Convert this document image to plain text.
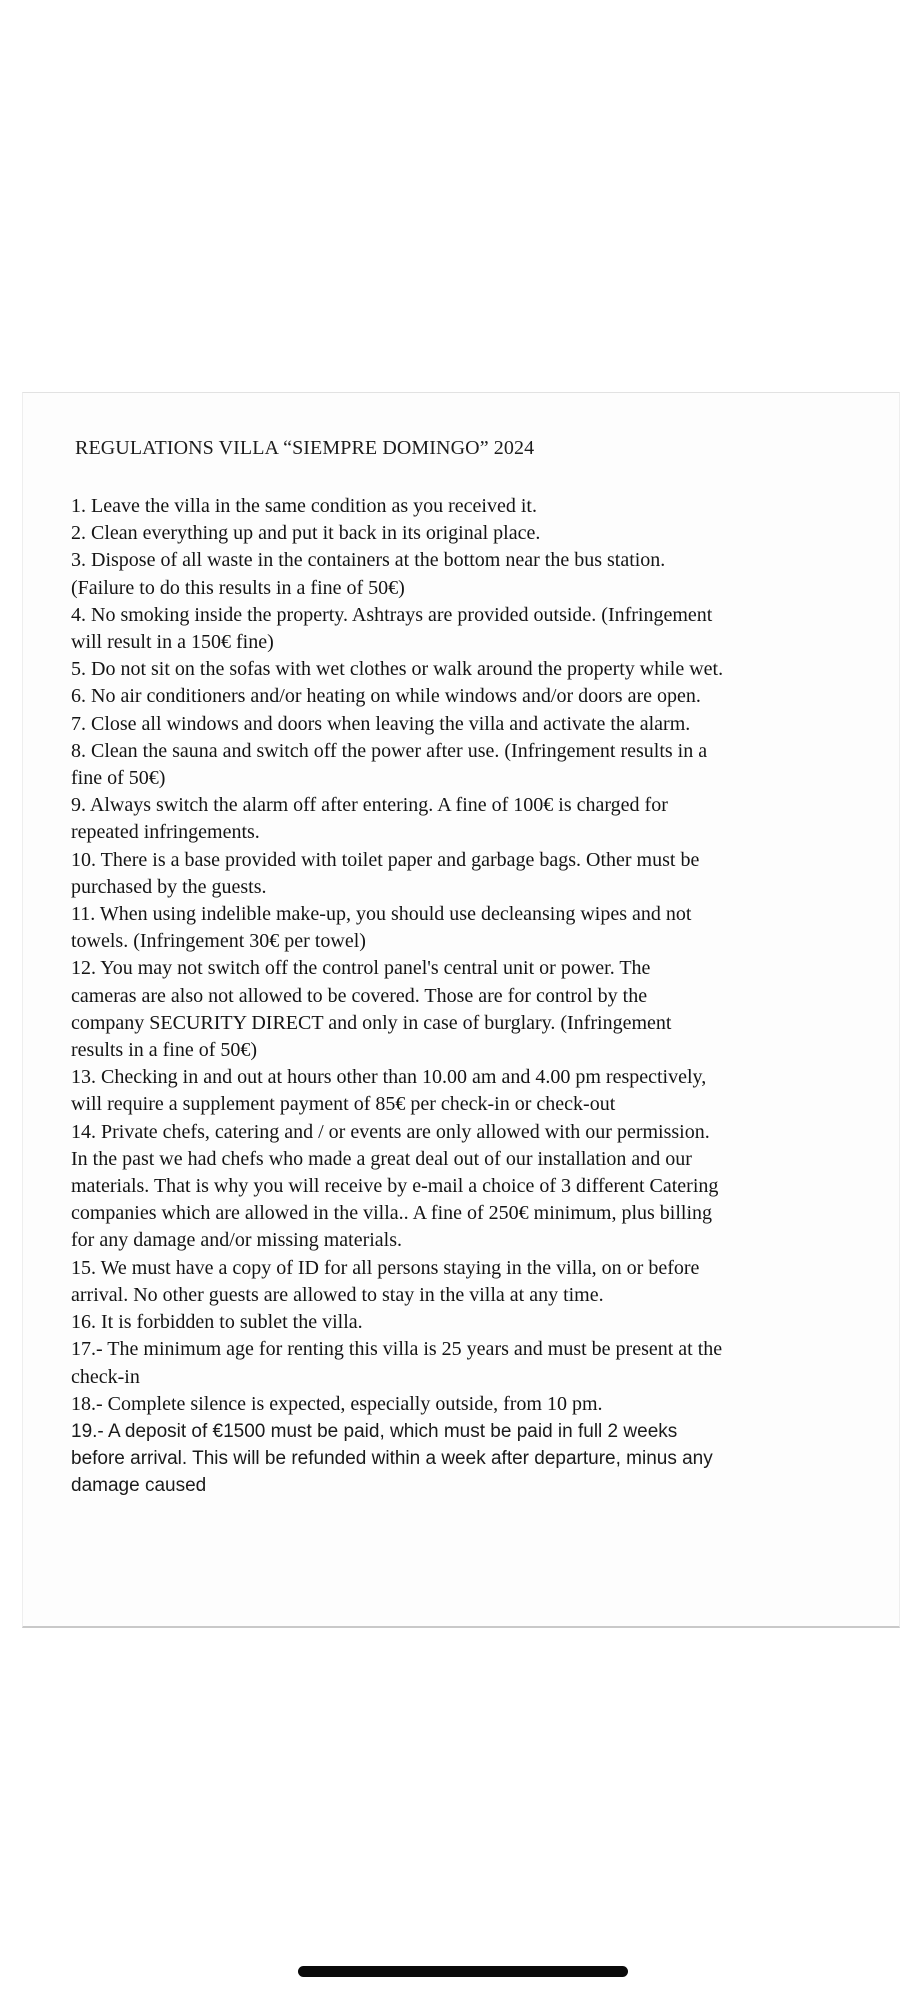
REGULATIONS VILLA “SIEMPRE DOMINGO” 2024
1. Leave the villa in the same condition as you received it.
2. Clean everything up and put it back in its original place.
3. Dispose of all waste in the containers at the bottom near the bus station.
(Failure to do this results in a fine of 50€)
4. No smoking inside the property. Ashtrays are provided outside. (Infringement
will result in a 150€ fine)
5. Do not sit on the sofas with wet clothes or walk around the property while wet.
6. No air conditioners and/or heating on while windows and/or doors are open.
7. Close all windows and doors when leaving the villa and activate the alarm.
8. Clean the sauna and switch off the power after use. (Infringement results in a
fine of 50€)
9. Always switch the alarm off after entering. A fine of 100€ is charged for
repeated infringements.
10. There is a base provided with toilet paper and garbage bags. Other must be
purchased by the guests.
11. When using indelible make-up, you should use decleansing wipes and not
towels. (Infringement 30€ per towel)
12. You may not switch off the control panel's central unit or power. The
cameras are also not allowed to be covered. Those are for control by the
company SECURITY DIRECT and only in case of burglary. (Infringement
results in a fine of 50€)
13. Checking in and out at hours other than 10.00 am and 4.00 pm respectively,
will require a supplement payment of 85€ per check-in or check-out
14. Private chefs, catering and / or events are only allowed with our permission.
In the past we had chefs who made a great deal out of our installation and our
materials. That is why you will receive by e-mail a choice of 3 different Catering
companies which are allowed in the villa.. A fine of 250€ minimum, plus billing
for any damage and/or missing materials.
15. We must have a copy of ID for all persons staying in the villa, on or before
arrival. No other guests are allowed to stay in the villa at any time.
16. It is forbidden to sublet the villa.
17.- The minimum age for renting this villa is 25 years and must be present at the
check-in
18.- Complete silence is expected, especially outside, from 10 pm.
19.- A deposit of €1500 must be paid, which must be paid in full 2 weeks
before arrival. This will be refunded within a week after departure, minus any
damage caused
